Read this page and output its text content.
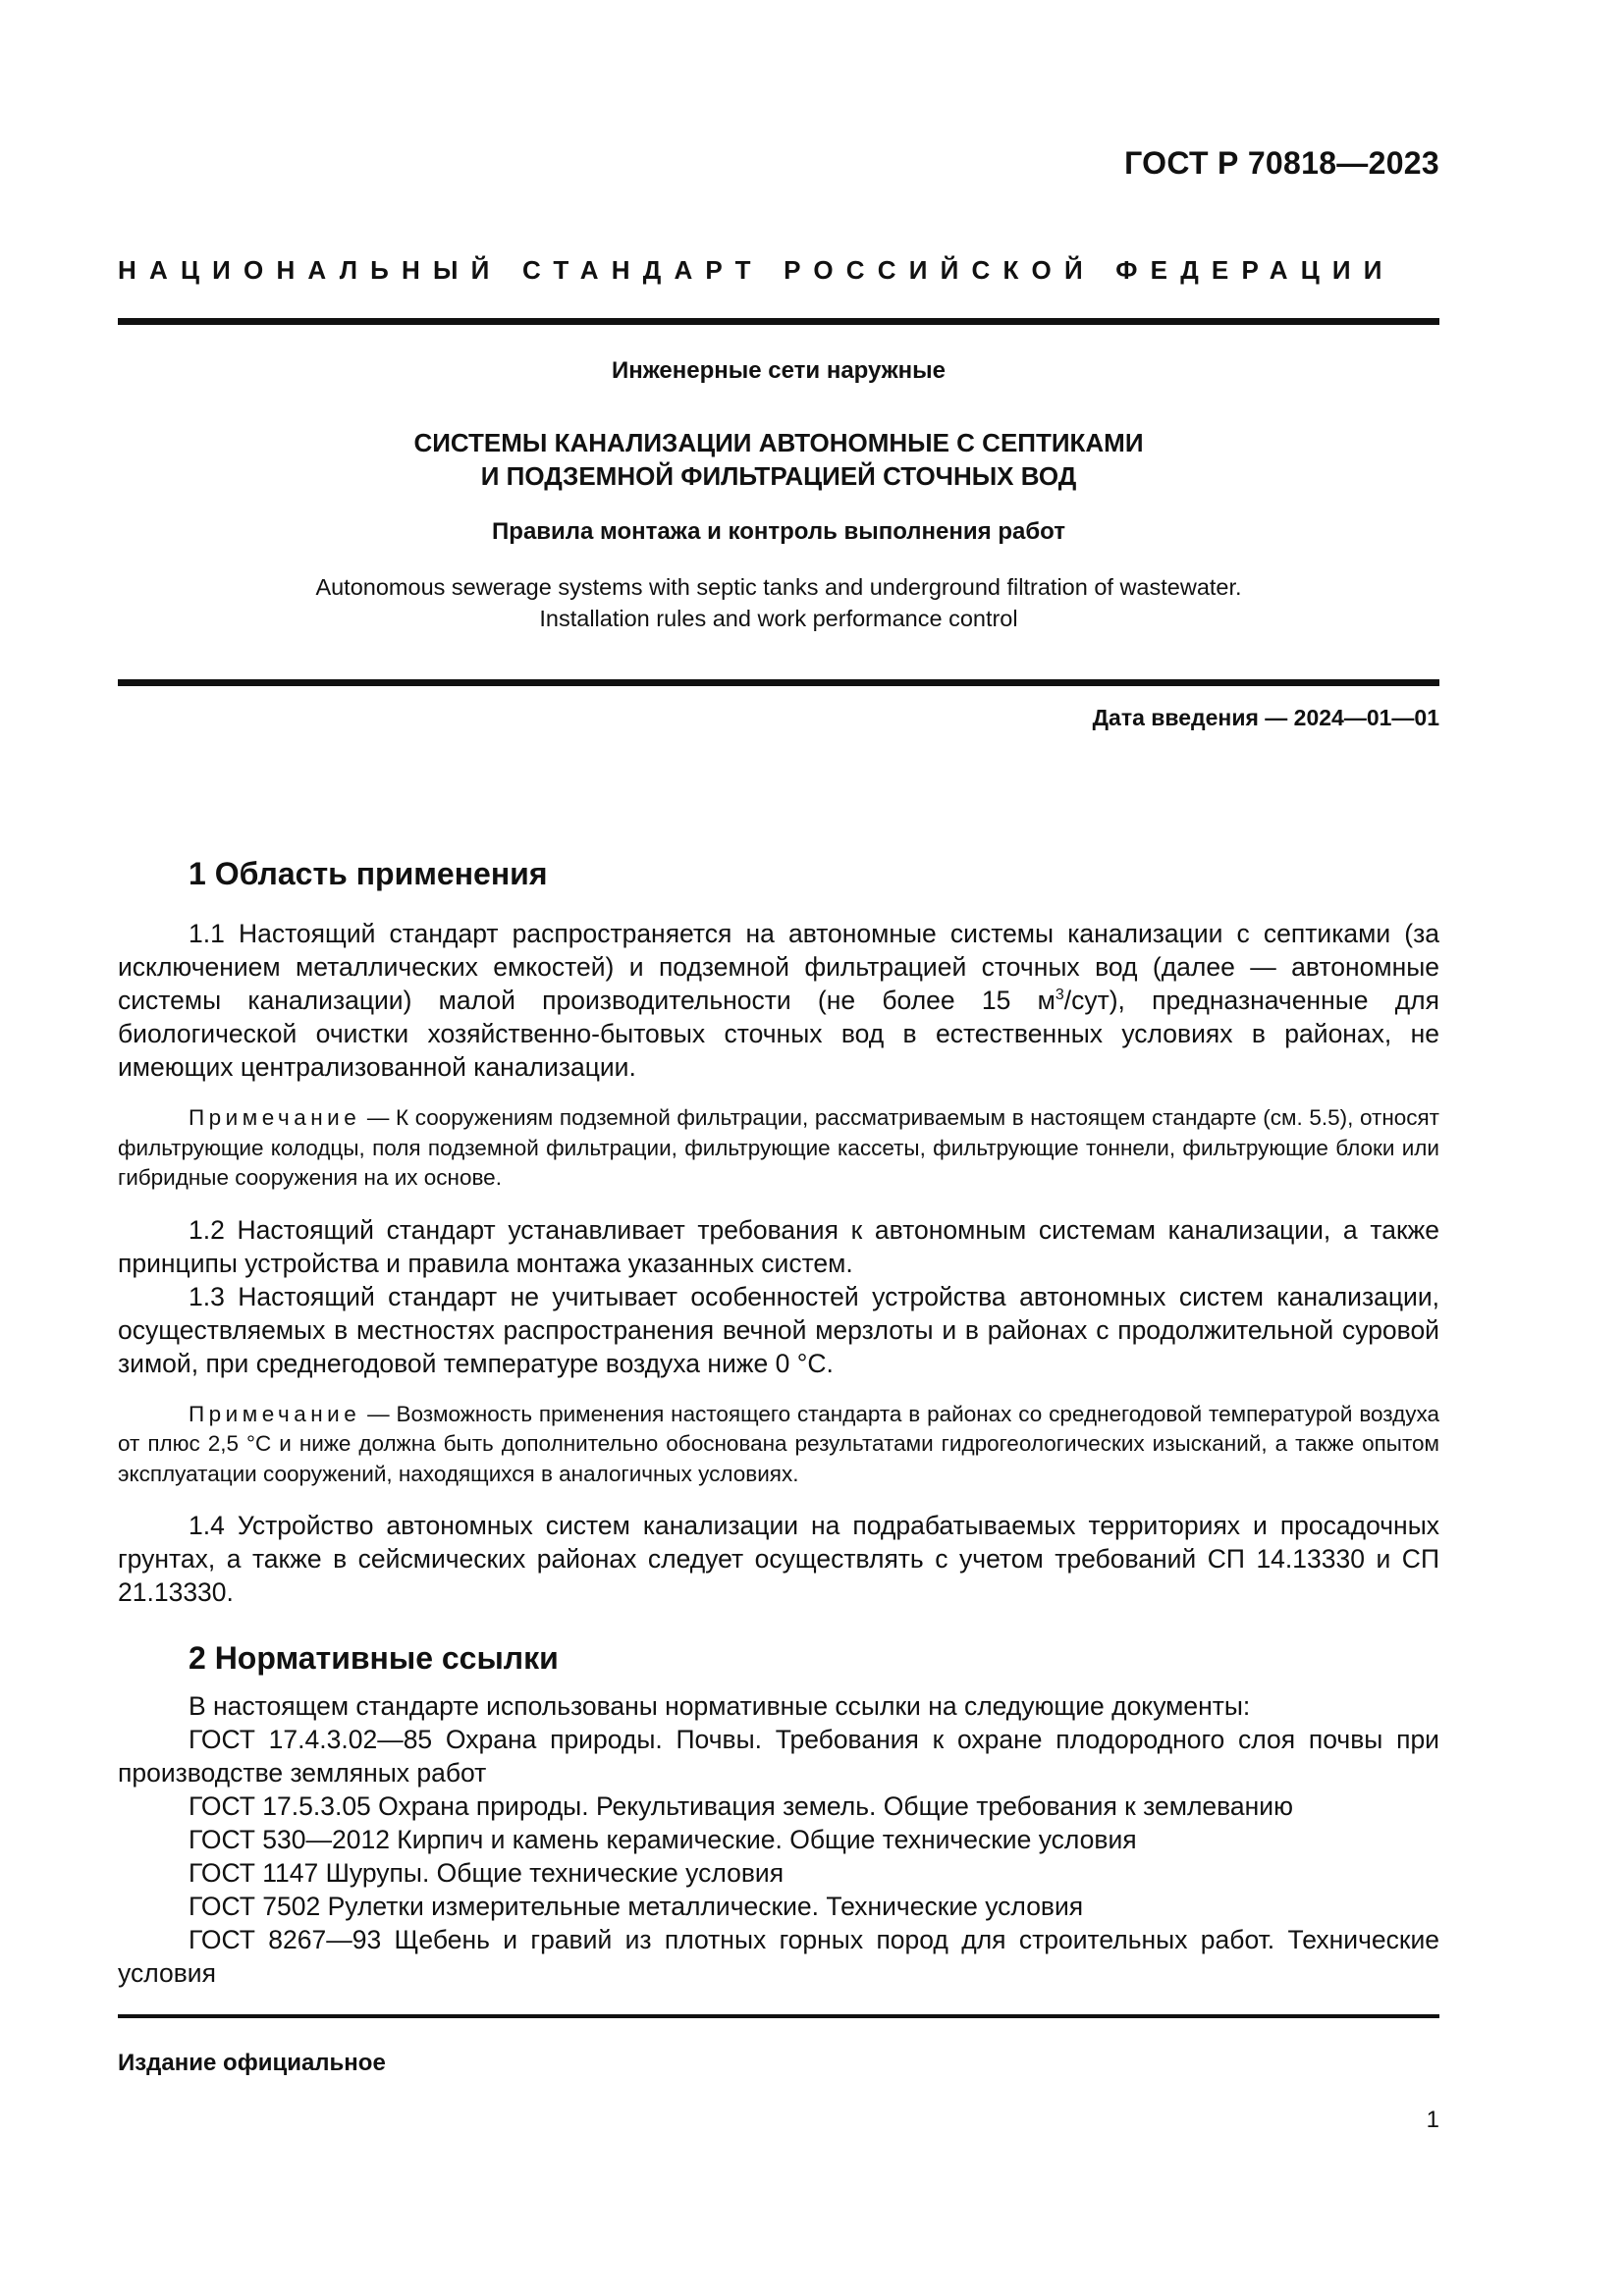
ГОСТ Р 70818—2023
НАЦИОНАЛЬНЫЙ СТАНДАРТ РОССИЙСКОЙ ФЕДЕРАЦИИ
Инженерные сети наружные
СИСТЕМЫ КАНАЛИЗАЦИИ АВТОНОМНЫЕ С СЕПТИКАМИ
И ПОДЗЕМНОЙ ФИЛЬТРАЦИЕЙ СТОЧНЫХ ВОД
Правила монтажа и контроль выполнения работ
Autonomous sewerage systems with septic tanks and underground filtration of wastewater.
Installation rules and work performance control
Дата введения — 2024—01—01
1 Область применения

1.1 Настоящий стандарт распространяется на автономные системы канализации с септиками (за исключением металлических емкостей) и подземной фильтрацией сточных вод (далее — автономные системы канализации) малой производительности (не более 15 $м^3/сут$), предназначенные для биологической очистки хозяйственно-бытовых сточных вод в естественных условиях в районах, не имеющих централизованной канализации.

Примечание — К сооружениям подземной фильтрации, рассматриваемым в настоящем стандарте (см. 5.5), относят фильтрующие колодцы, поля подземной фильтрации, фильтрующие кассеты, фильтрующие тоннели, фильтрующие блоки или гибридные сооружения на их основе.

1.2 Настоящий стандарт устанавливает требования к автономным системам канализации, а также принципы устройства и правила монтажа указанных систем.

1.3 Настоящий стандарт не учитывает особенностей устройства автономных систем канализации, осуществляемых в местностях распространения вечной мерзлоты и в районах с продолжительной суровой зимой, при среднегодовой температуре воздуха ниже 0 °С.

Примечание — Возможность применения настоящего стандарта в районах со среднегодовой температурой воздуха от плюс 2,5 °С и ниже должна быть дополнительно обоснована результатами гидрогеологических изысканий, а также опытом эксплуатации сооружений, находящихся в аналогичных условиях.

1.4 Устройство автономных систем канализации на подрабатываемых территориях и просадочных грунтах, а также в сейсмических районах следует осуществлять с учетом требований СП 14.13330 и СП 21.13330.

2 Нормативные ссылки

В настоящем стандарте использованы нормативные ссылки на следующие документы:

ГОСТ 17.4.3.02—85 Охрана природы. Почвы. Требования к охране плодородного слоя почвы при производстве земляных работ

ГОСТ 17.5.3.05 Охрана природы. Рекультивация земель. Общие требования к землеванию

ГОСТ 530—2012 Кирпич и камень керамические. Общие технические условия

ГОСТ 1147 Шурупы. Общие технические условия

ГОСТ 7502 Рулетки измерительные металлические. Технические условия

ГОСТ 8267—93 Щебень и гравий из плотных горных пород для строительных работ. Технические условия

Издание официальное
1
